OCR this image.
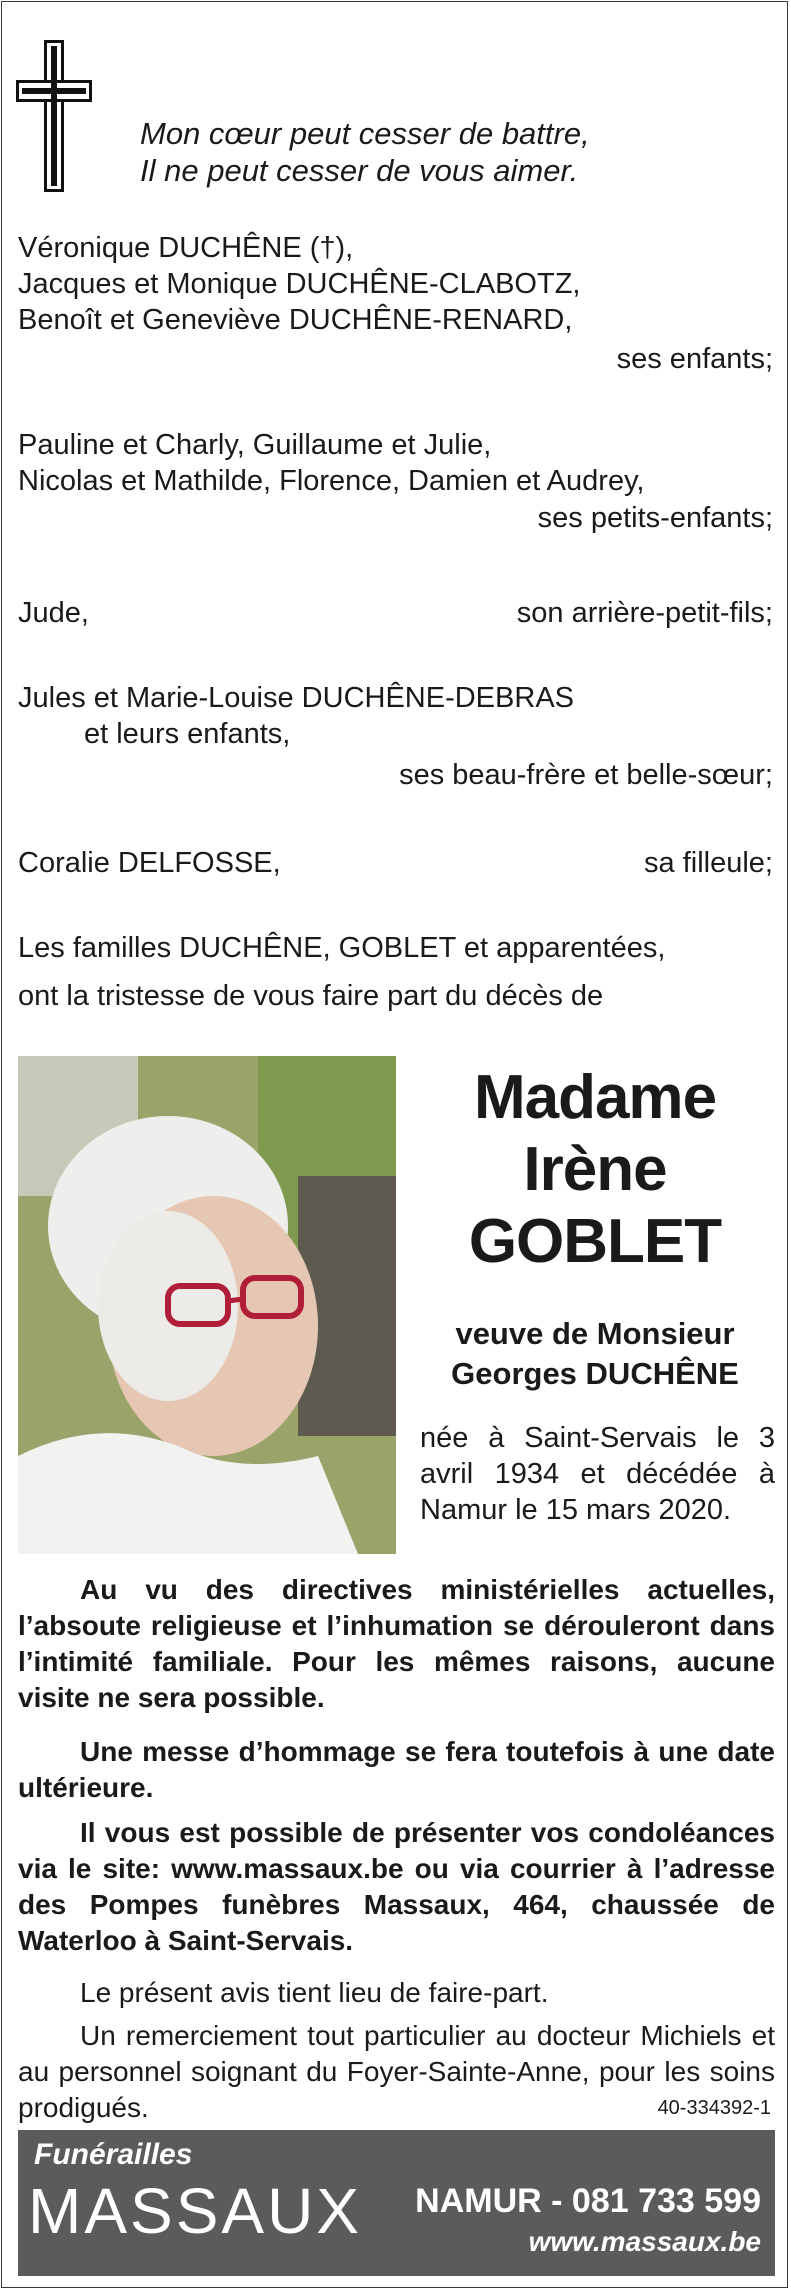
Mon cœur peut cesser de battre,
Il ne peut cesser de vous aimer.
Véronique DUCHÊNE (†),
Jacques et Monique DUCHÊNE-CLABOTZ,
Benoît et Geneviève DUCHÊNE-RENARD,
ses enfants;
Pauline et Charly, Guillaume et Julie,
Nicolas et Mathilde, Florence, Damien et Audrey,
ses petits-enfants;
Jude,	son arrière-petit-fils;
Jules et Marie-Louise DUCHÊNE-DEBRAS
et leurs enfants,
ses beau-frère et belle-sœur;
Coralie DELFOSSE,	sa filleule;
Les familles DUCHÊNE, GOBLET et apparentées,
ont la tristesse de vous faire part du décès de
Madame
Irène
GOBLET
veuve de Monsieur
Georges DUCHÊNE
née à Saint-Servais le 3 avril 1934 et décédée à Namur le 15 mars 2020.
Au vu des directives ministérielles actuelles, l’absoute religieuse et l’inhumation se dérouleront dans l’intimité familiale. Pour les mêmes raisons, aucune visite ne sera possible.
Une messe d’hommage se fera toutefois à une date ultérieure.
Il vous est possible de présenter vos condoléances via le site: www.massaux.be ou via courrier à l’adresse des Pompes funèbres Massaux, 464, chaussée de Waterloo à Saint-Servais.
Le présent avis tient lieu de faire-part.
Un remerciement tout particulier au docteur Michiels et au personnel soignant du Foyer-Sainte-Anne, pour les soins prodigués.	40-334392-1
Funérailles
MASSAUX NAMUR - 081 733 599
www.massaux.be
